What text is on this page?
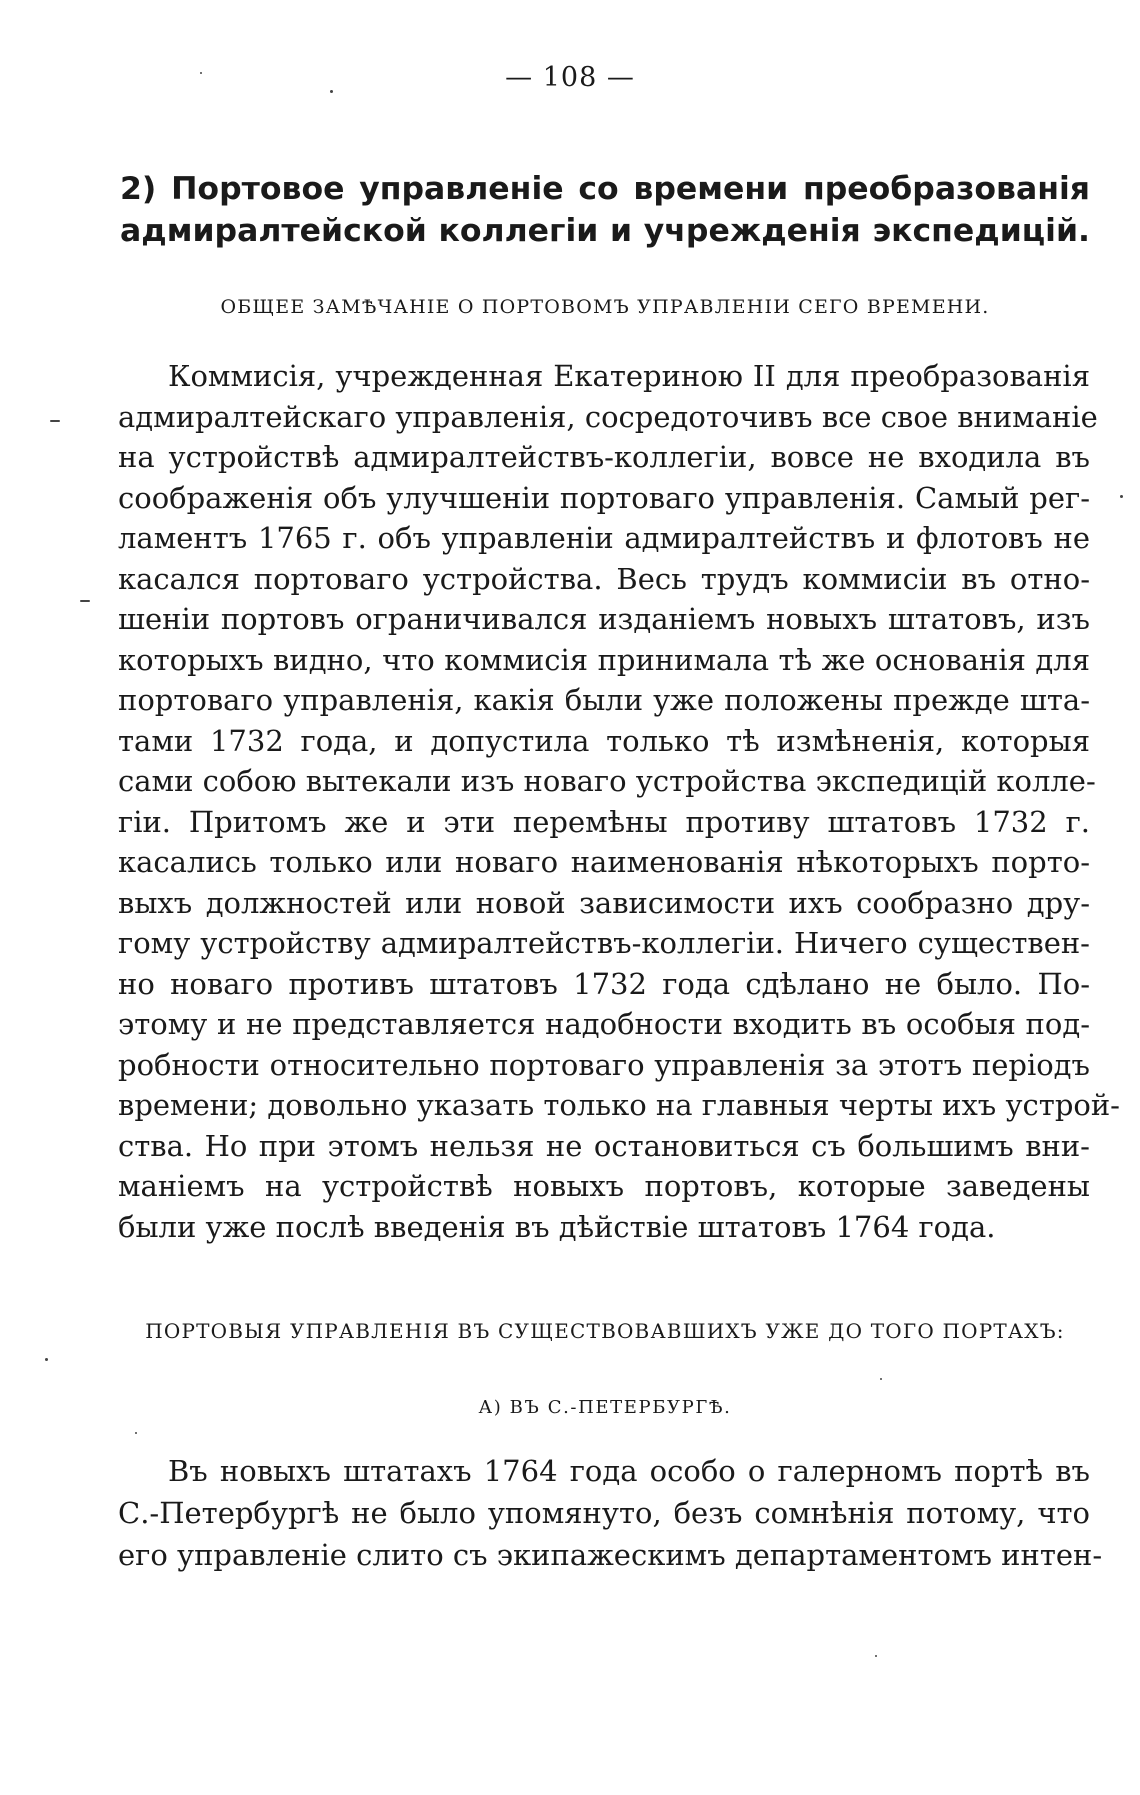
— 108 —
2) Портовое управленіе со времени преобразованія
адмиралтейской коллегіи и учрежденія экспедицій.
ОБЩЕЕ ЗАМѢЧАНІЕ О ПОРТОВОМЪ УПРАВЛЕНІИ СЕГО ВРЕМЕНИ.
Коммисія, учрежденная Екатериною II для преобразованія
адмиралтейскаго управленія, сосредоточивъ все свое вниманіе
на устройствѣ адмиралтействъ-коллегіи, вовсе не входила въ
соображенія объ улучшеніи портоваго управленія. Самый рег-
ламентъ 1765 г. объ управленіи адмиралтействъ и флотовъ не
касался портоваго устройства. Весь трудъ коммисіи въ отно-
шеніи портовъ ограничивался изданіемъ новыхъ штатовъ, изъ
которыхъ видно, что коммисія принимала тѣ же основанія для
портоваго управленія, какія были уже положены прежде шта-
тами 1732 года, и допустила только тѣ измѣненія, которыя
сами собою вытекали изъ новаго устройства экспедицій колле-
гіи. Притомъ же и эти перемѣны противу штатовъ 1732 г.
касались только или новаго наименованія нѣкоторыхъ порто-
выхъ должностей или новой зависимости ихъ сообразно дру-
гому устройству адмиралтействъ-коллегіи. Ничего существен-
но новаго противъ штатовъ 1732 года сдѣлано не было. По-
этому и не представляется надобности входить въ особыя под-
робности относительно портоваго управленія за этотъ періодъ
времени; довольно указать только на главныя черты ихъ устрой-
ства. Но при этомъ нельзя не остановиться съ большимъ вни-
маніемъ на устройствѣ новыхъ портовъ, которые заведены
были уже послѣ введенія въ дѣйствіе штатовъ 1764 года.
ПОРТОВЫЯ УПРАВЛЕНІЯ ВЪ СУЩЕСТВОВАВШИХЪ УЖЕ ДО ТОГО ПОРТАХЪ:
А) ВЪ С.-ПЕТЕРБУРГѢ.
Въ новыхъ штатахъ 1764 года особо о галерномъ портѣ въ
С.-Петербургѣ не было упомянуто, безъ сомнѣнія потому, что
его управленіе слито съ экипажескимъ департаментомъ интен-
